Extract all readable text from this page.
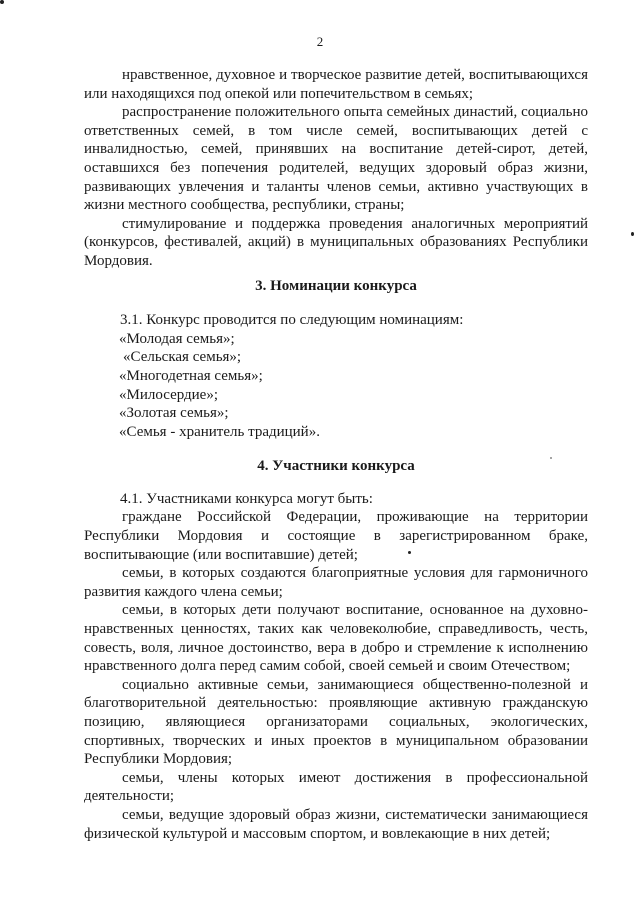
2

нравственное, духовное и творческое развитие детей, воспитывающихся или находящихся под опекой или попечительством в семьях;

распространение положительного опыта семейных династий, социально ответственных семей, в том числе семей, воспитывающих детей с инвалидностью, семей, принявших на воспитание детей-сирот, детей, оставшихся без попечения родителей, ведущих здоровый образ жизни, развивающих увлечения и таланты членов семьи, активно участвующих в жизни местного сообщества, республики, страны;

стимулирование и поддержка проведения аналогичных мероприятий (конкурсов, фестивалей, акций) в муниципальных образованиях Республики Мордовия.

3. Номинации конкурса

3.1. Конкурс проводится по следующим номинациям:

«Молодая семья»;
«Сельская семья»;
«Многодетная семья»;
«Милосердие»;
«Золотая семья»;
«Семья - хранитель традиций».

4. Участники конкурса

4.1. Участниками конкурса могут быть:

граждане Российской Федерации, проживающие на территории Республики Мордовия и состоящие в зарегистрированном браке, воспитывающие (или воспитавшие) детей;

семьи, в которых создаются благоприятные условия для гармоничного развития каждого члена семьи;

семьи, в которых дети получают воспитание, основанное на духовно-нравственных ценностях, таких как человеколюбие, справедливость, честь, совесть, воля, личное достоинство, вера в добро и стремление к исполнению нравственного долга перед самим собой, своей семьей и своим Отечеством;

социально активные семьи, занимающиеся общественно-полезной и благотворительной деятельностью: проявляющие активную гражданскую позицию, являющиеся организаторами социальных, экологических, спортивных, творческих и иных проектов в муниципальном образовании Республики Мордовия;

семьи, члены которых имеют достижения в профессиональной деятельности;

семьи, ведущие здоровый образ жизни, систематически занимающиеся физической культурой и массовым спортом, и вовлекающие в них детей;
